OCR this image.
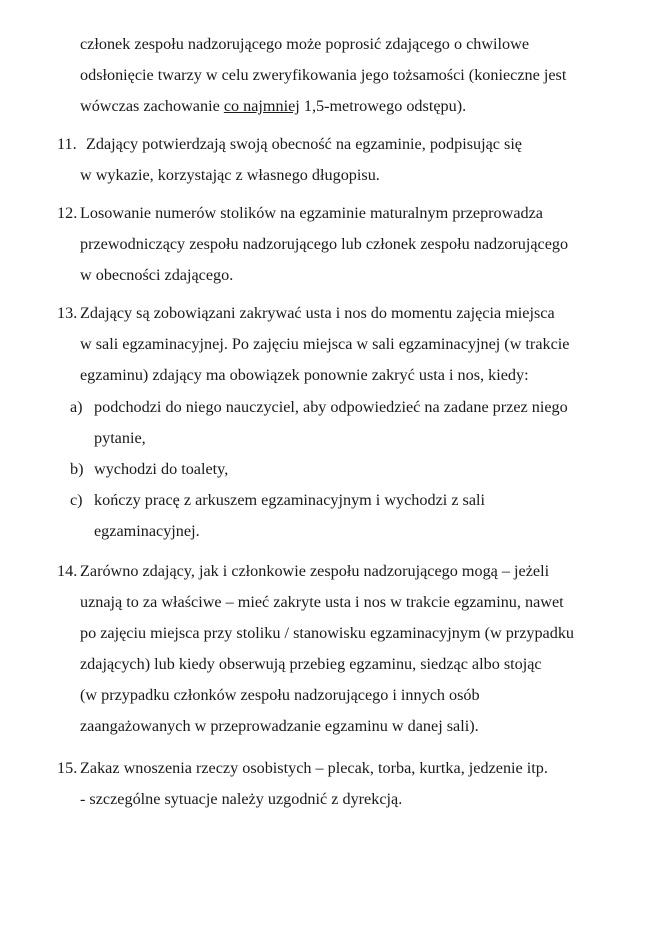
członek zespołu nadzorującego może poprosić zdającego o chwilowe
odsłonięcie twarzy w celu zweryfikowania jego tożsamości (konieczne jest
wówczas zachowanie co najmniej 1,5-metrowego odstępu).
11. Zdający potwierdzają swoją obecność na egzaminie, podpisując się
w wykazie, korzystając z własnego długopisu.
12. Losowanie numerów stolików na egzaminie maturalnym przeprowadza
przewodniczący zespołu nadzorującego lub członek zespołu nadzorującego
w obecności zdającego.
13. Zdający są zobowiązani zakrywać usta i nos do momentu zajęcia miejsca
w sali egzaminacyjnej. Po zajęciu miejsca w sali egzaminacyjnej (w trakcie
egzaminu) zdający ma obowiązek ponownie zakryć usta i nos, kiedy:
a) podchodzi do niego nauczyciel, aby odpowiedzieć na zadane przez niego
pytanie,
b) wychodzi do toalety,
c) kończy pracę z arkuszem egzaminacyjnym i wychodzi z sali
egzaminacyjnej.
14. Zarówno zdający, jak i członkowie zespołu nadzorującego mogą – jeżeli
uznają to za właściwe – mieć zakryte usta i nos w trakcie egzaminu, nawet
po zajęciu miejsca przy stoliku / stanowisku egzaminacyjnym (w przypadku
zdających) lub kiedy obserwują przebieg egzaminu, siedząc albo stojąc
(w przypadku członków zespołu nadzorującego i innych osób
zaangażowanych w przeprowadzanie egzaminu w danej sali).
15. Zakaz wnoszenia rzeczy osobistych – plecak, torba, kurtka, jedzenie itp.
- szczególne sytuacje należy uzgodnić z dyrekcją.
